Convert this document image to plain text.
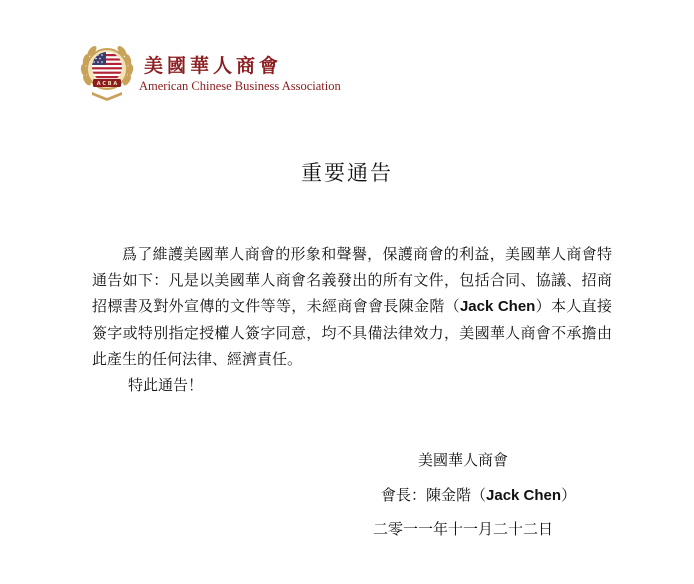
A C B A
美國華人商會
American Chinese Business Association
重要通告
爲了維護美國華人商會的形象和聲譽，保護商會的利益，美國華人商會特通告如下：凡是以美國華人商會名義發出的所有文件，包括合同、協議、招商招標書及對外宣傳的文件等等，未經商會會長陳金階（Jack Chen）本人直接簽字或特別指定授權人簽字同意，均不具備法律效力，美國華人商會不承擔由此產生的任何法律、經濟責任。
特此通告！
美國華人商會
會長：陳金階（Jack Chen）
二零一一年十一月二十二日
